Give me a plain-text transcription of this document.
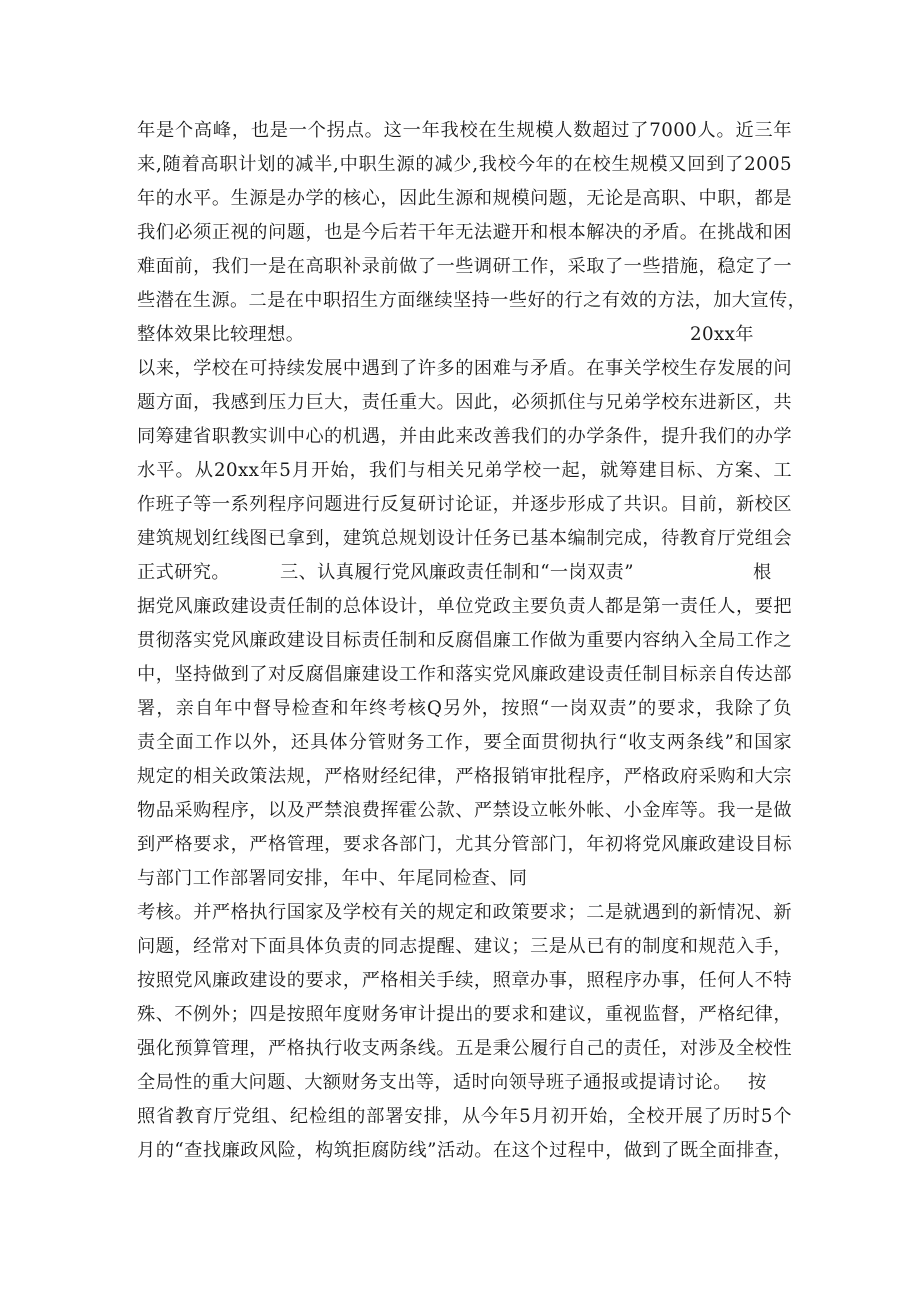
年是个高峰，也是一个拐点。这一年我校在生规模人数超过了7000人。近三年
来,随着高职计划的减半,中职生源的减少,我校今年的在校生规模又回到了2005
年的水平。生源是办学的核心，因此生源和规模问题，无论是高职、中职，都是
我们必须正视的问题，也是今后若干年无法避开和根本解决的矛盾。在挑战和困
难面前，我们一是在高职补录前做了一些调研工作，采取了一些措施，稳定了一
些潜在生源。二是在中职招生方面继续坚持一些好的行之有效的方法，加大宣传，
整体效果比较理想。	20xx年
以来，学校在可持续发展中遇到了许多的困难与矛盾。在事关学校生存发展的问
题方面，我感到压力巨大，责任重大。因此，必须抓住与兄弟学校东进新区，共
同筹建省职教实训中心的机遇，并由此来改善我们的办学条件，提升我们的办学
水平。从20xx年5月开始，我们与相关兄弟学校一起，就筹建目标、方案、工
作班子等一系列程序问题进行反复研讨论证，并逐步形成了共识。目前，新校区
建筑规划红线图已拿到，建筑总规划设计任务已基本编制完成，待教育厅党组会
正式研究。	三、认真履行党风廉政责任制和“一岗双责”	根
据党风廉政建设责任制的总体设计，单位党政主要负责人都是第一责任人，要把
贯彻落实党风廉政建设目标责任制和反腐倡廉工作做为重要内容纳入全局工作之
中，坚持做到了对反腐倡廉建设工作和落实党风廉政建设责任制目标亲自传达部
署，亲自年中督导检查和年终考核Q另外，按照“一岗双责”的要求，我除了负
责全面工作以外，还具体分管财务工作，要全面贯彻执行“收支两条线”和国家
规定的相关政策法规，严格财经纪律，严格报销审批程序，严格政府采购和大宗
物品采购程序，以及严禁浪费挥霍公款、严禁设立帐外帐、小金库等。我一是做
到严格要求，严格管理，要求各部门，尤其分管部门，年初将党风廉政建设目标
与部门工作部署同安排，年中、年尾同检查、同
考核。并严格执行国家及学校有关的规定和政策要求；二是就遇到的新情况、新
问题，经常对下面具体负责的同志提醒、建议；三是从已有的制度和规范入手，
按照党风廉政建设的要求，严格相关手续，照章办事，照程序办事，任何人不特
殊、不例外；四是按照年度财务审计提出的要求和建议，重视监督，严格纪律，
强化预算管理，严格执行收支两条线。五是秉公履行自己的责任，对涉及全校性
全局性的重大问题、大额财务支出等，适时向领导班子通报或提请讨论。 按
照省教育厅党组、纪检组的部署安排，从今年5月初开始，全校开展了历时5个
月的“查找廉政风险，构筑拒腐防线”活动。在这个过程中，做到了既全面排查，
